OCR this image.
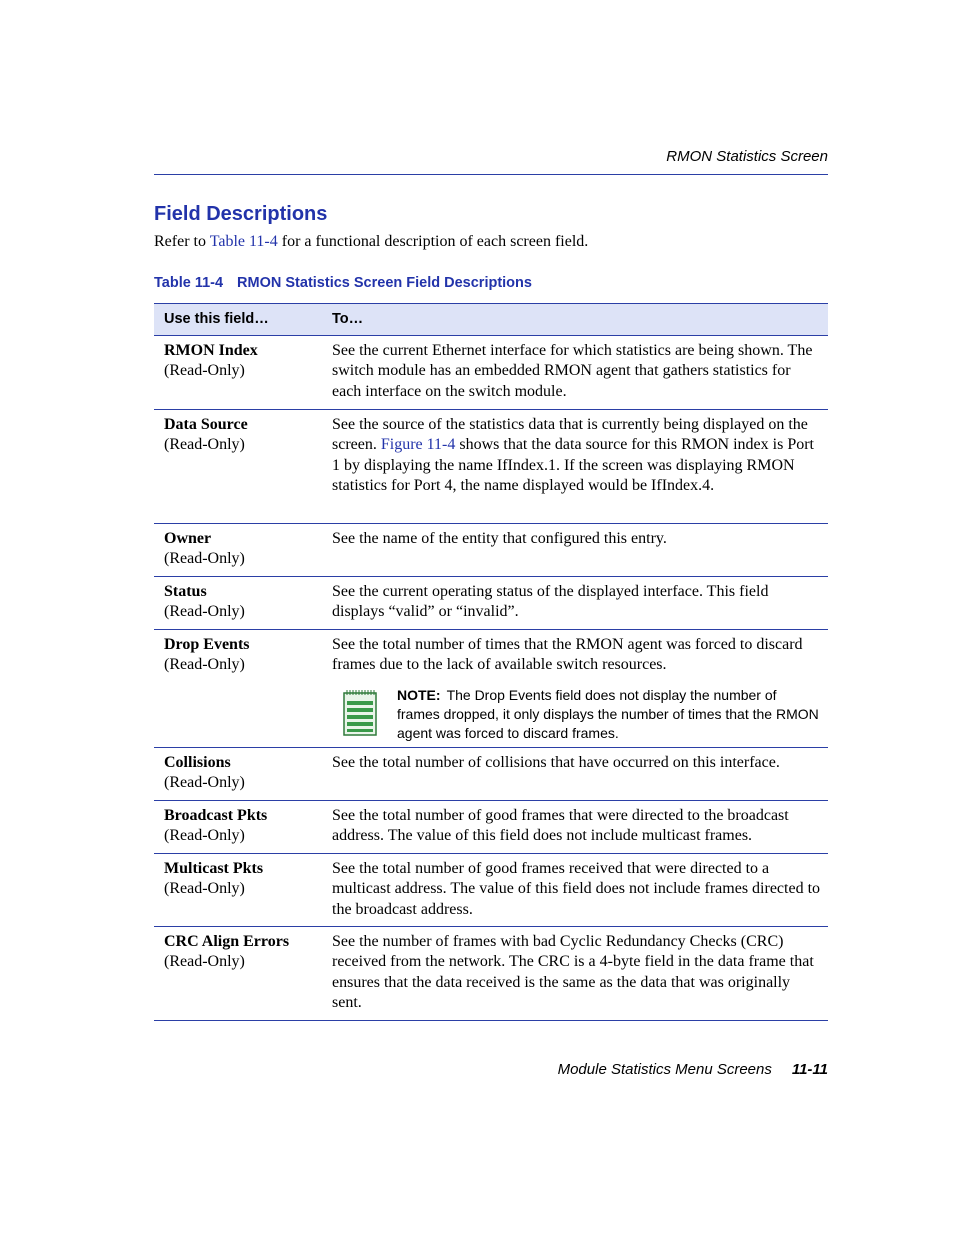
RMON Statistics Screen
Field Descriptions
Refer to Table 11-4 for a functional description of each screen field.
Table 11-4 RMON Statistics Screen Field Descriptions
Use this field…	To…
RMON Index
(Read-Only)
See the current Ethernet interface for which statistics are being shown. The switch module has an embedded RMON agent that gathers statistics for each interface on the switch module.
Data Source
(Read-Only)
See the source of the statistics data that is currently being displayed on the screen. Figure 11-4 shows that the data source for this RMON index is Port 1 by displaying the name IfIndex.1. If the screen was displaying RMON statistics for Port 4, the name displayed would be IfIndex.4.
Owner
(Read-Only)
See the name of the entity that configured this entry.
Status
(Read-Only)
See the current operating status of the displayed interface. This field displays “valid” or “invalid”.
Drop Events
(Read-Only)
See the total number of times that the RMON agent was forced to discard frames due to the lack of available switch resources.
NOTE: The Drop Events field does not display the number of frames dropped, it only displays the number of times that the RMON agent was forced to discard frames.
Collisions
(Read-Only)
See the total number of collisions that have occurred on this interface.
Broadcast Pkts
(Read-Only)
See the total number of good frames that were directed to the broadcast address. The value of this field does not include multicast frames.
Multicast Pkts
(Read-Only)
See the total number of good frames received that were directed to a multicast address. The value of this field does not include frames directed to the broadcast address.
CRC Align Errors
(Read-Only)
See the number of frames with bad Cyclic Redundancy Checks (CRC) received from the network. The CRC is a 4-byte field in the data frame that ensures that the data received is the same as the data that was originally sent.
Module Statistics Menu Screens 11-11
